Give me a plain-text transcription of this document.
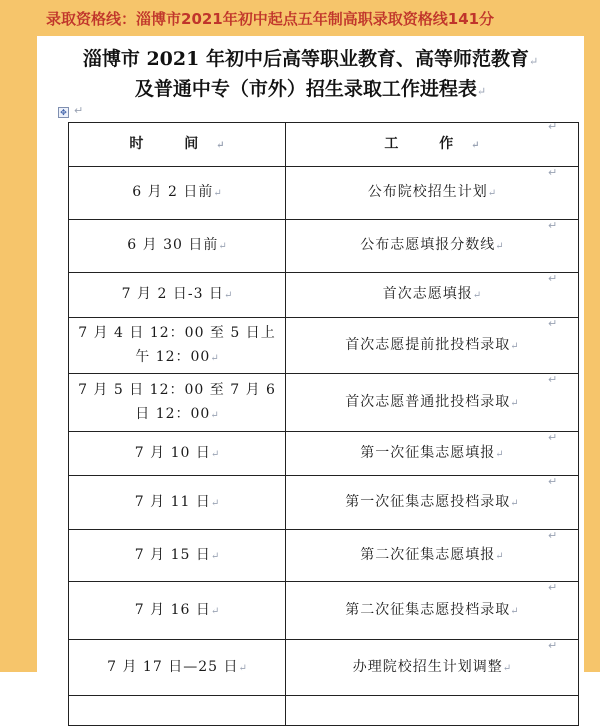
录取资格线：淄博市2021年初中起点五年制高职录取资格线141分
淄博市 2021 年初中后高等职业教育、高等师范教育↵
及普通中专（市外）招生录取工作进程表↵
✥ ↵
时 间↵	工 作↵
6 月 2 日前↵	公布院校招生计划↵
6 月 30 日前↵	公布志愿填报分数线↵
7 月 2 日-3 日↵	首次志愿填报↵
7 月 4 日 12：00 至 5 日上午 12：00↵	首次志愿提前批投档录取↵
7 月 5 日 12：00 至 7 月 6 日 12：00↵	首次志愿普通批投档录取↵
7 月 10 日↵	第一次征集志愿填报↵
7 月 11 日↵	第一次征集志愿投档录取↵
7 月 15 日↵	第二次征集志愿填报↵
7 月 16 日↵	第二次征集志愿投档录取↵
7 月 17 日—25 日↵	办理院校招生计划调整↵

↵
↵
↵
↵
↵
↵
↵
↵
↵
↵
↵
